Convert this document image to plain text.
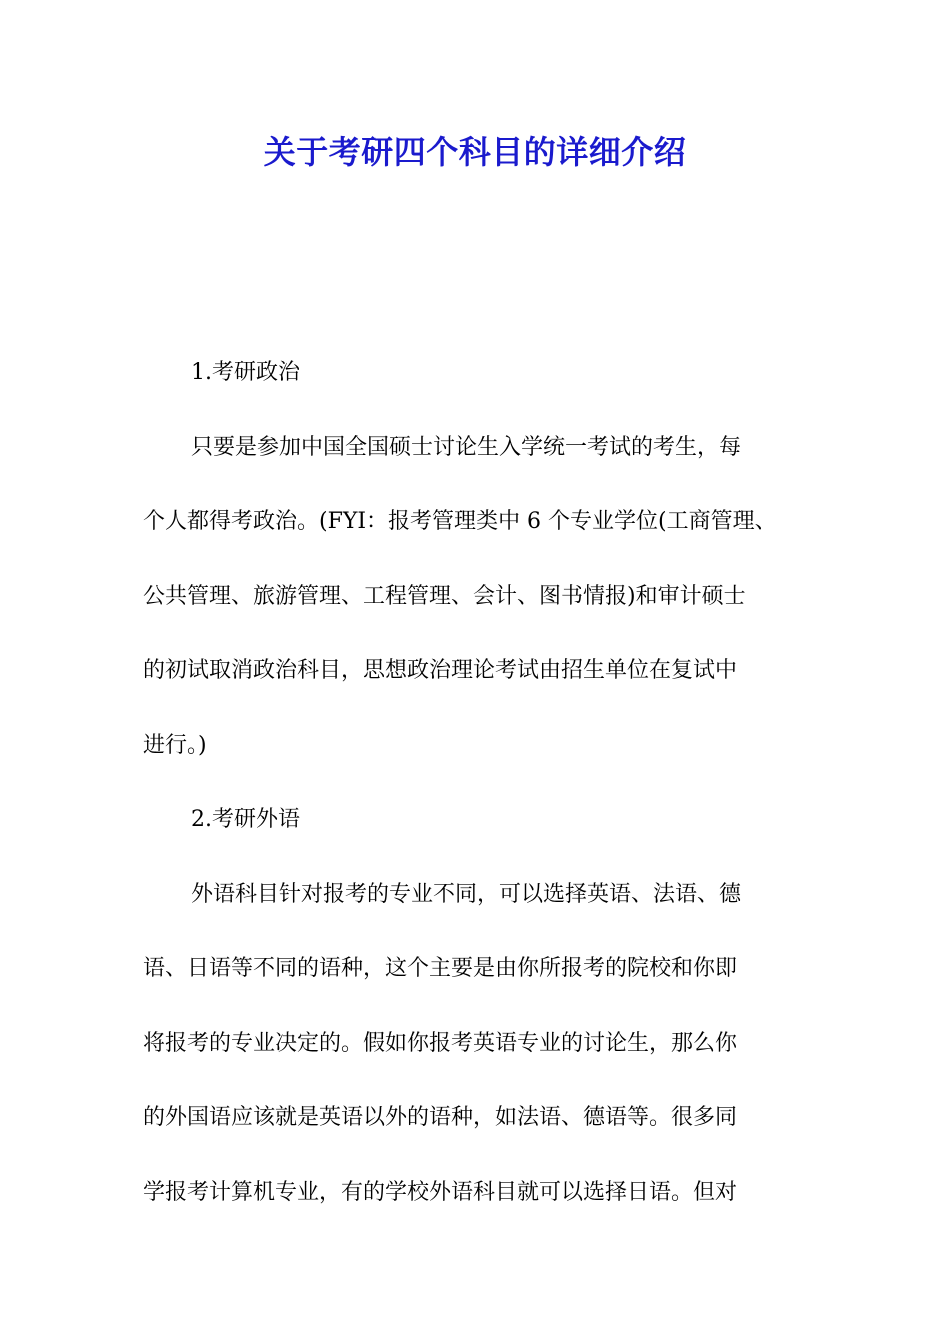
关于考研四个科目的详细介绍
1.考研政治
只要是参加中国全国硕士讨论生入学统一考试的考生，每
个人都得考政治。(FYI：报考管理类中 6 个专业学位(工商管理、
公共管理、旅游管理、工程管理、会计、图书情报)和审计硕士
的初试取消政治科目，思想政治理论考试由招生单位在复试中
进行。)
2.考研外语
外语科目针对报考的专业不同，可以选择英语、法语、德
语、日语等不同的语种，这个主要是由你所报考的院校和你即
将报考的专业决定的。假如你报考英语专业的讨论生，那么你
的外国语应该就是英语以外的语种，如法语、德语等。很多同
学报考计算机专业，有的学校外语科目就可以选择日语。但对
